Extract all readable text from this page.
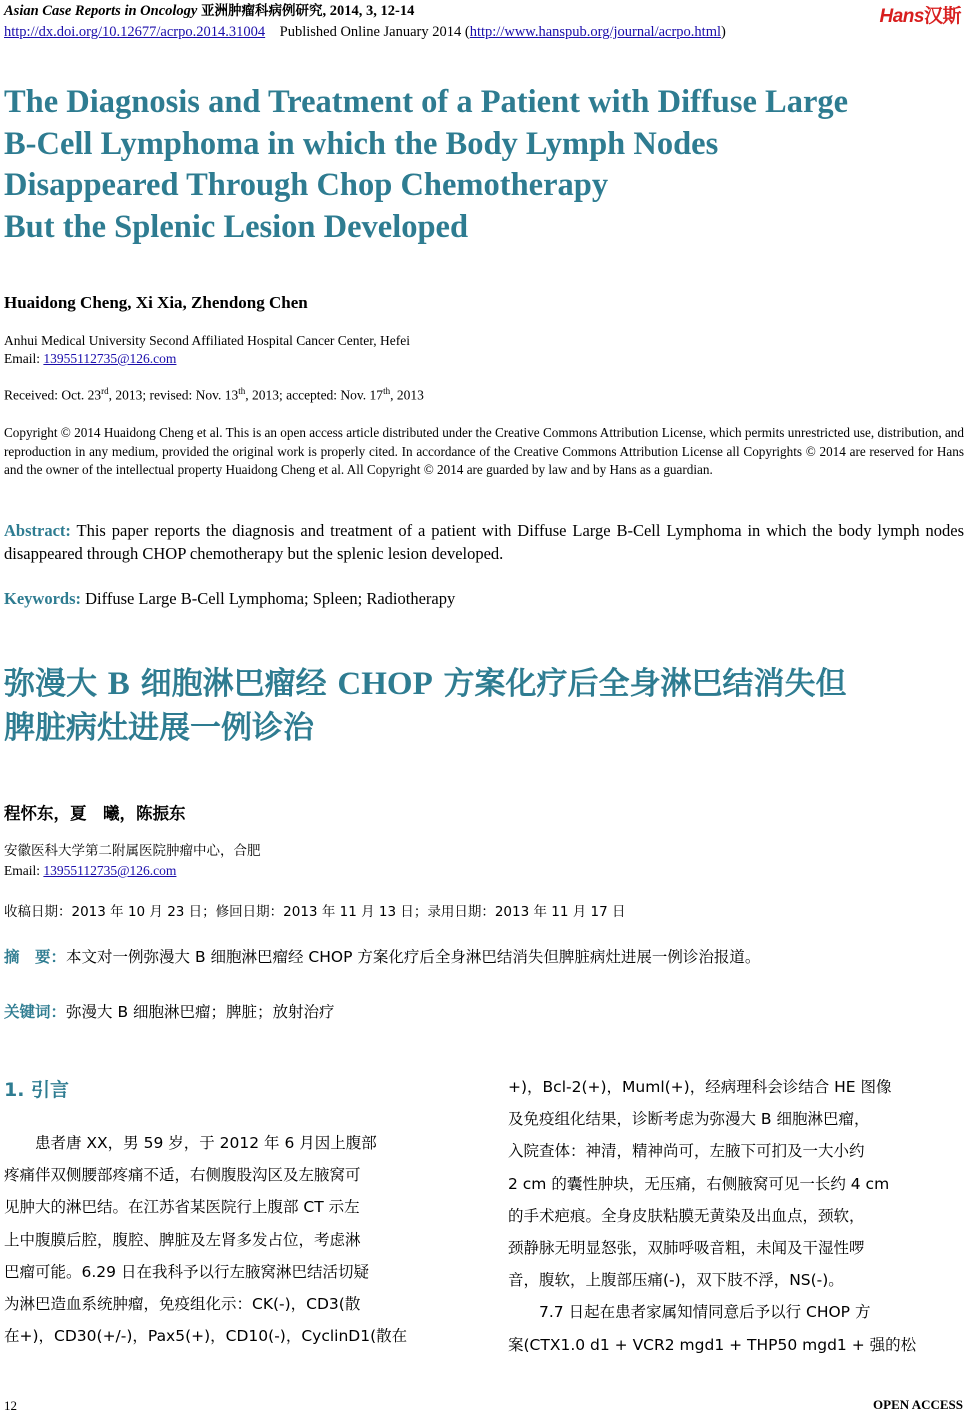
Asian Case Reports in Oncology 亚洲肿瘤科病例研究, 2014, 3, 12-14
http://dx.doi.org/10.12677/acrpo.2014.31004 Published Online January 2014 (http://www.hanspub.org/journal/acrpo.html)
Hans汉斯
The Diagnosis and Treatment of a Patient with Diffuse Large
B-Cell Lymphoma in which the Body Lymph Nodes
Disappeared Through Chop Chemotherapy
But the Splenic Lesion Developed
Huaidong Cheng, Xi Xia, Zhendong Chen
Anhui Medical University Second Affiliated Hospital Cancer Center, Hefei
Email: 13955112735@126.com
Received: Oct. 23rd, 2013; revised: Nov. 13th, 2013; accepted: Nov. 17th, 2013
Copyright © 2014 Huaidong Cheng et al. This is an open access article distributed under the Creative Commons Attribution License, which permits unrestricted use, distribution, and reproduction in any medium, provided the original work is properly cited. In accordance of the Creative Commons Attribution License all Copyrights © 2014 are reserved for Hans and the owner of the intellectual property Huaidong Cheng et al. All Copyright © 2014 are guarded by law and by Hans as a guardian.
Abstract: This paper reports the diagnosis and treatment of a patient with Diffuse Large B-Cell Lymphoma in which the body lymph nodes disappeared through CHOP chemotherapy but the splenic lesion developed.
Keywords: Diffuse Large B-Cell Lymphoma; Spleen; Radiotherapy
弥漫大 B 细胞淋巴瘤经 CHOP 方案化疗后全身淋巴结消失但
脾脏病灶进展一例诊治
程怀东，夏　曦，陈振东
安徽医科大学第二附属医院肿瘤中心，合肥
Email: 13955112735@126.com
收稿日期：2013 年 10 月 23 日；修回日期：2013 年 11 月 13 日；录用日期：2013 年 11 月 17 日
摘　要：本文对一例弥漫大 B 细胞淋巴瘤经 CHOP 方案化疗后全身淋巴结消失但脾脏病灶进展一例诊治报道。
关键词：弥漫大 B 细胞淋巴瘤；脾脏；放射治疗
1. 引言

患者唐 XX，男 59 岁，于 2012 年 6 月因上腹部

疼痛伴双侧腰部疼痛不适，右侧腹股沟区及左腋窝可

见肿大的淋巴结。在江苏省某医院行上腹部 CT 示左

上中腹膜后腔，腹腔、脾脏及左肾多发占位，考虑淋

巴瘤可能。6.29 日在我科予以行左腋窝淋巴结活切疑

为淋巴造血系统肿瘤，免疫组化示：CK(-)，CD3(散

在+)，CD30(+/-)，Pax5(+)，CD10(-)，CyclinD1(散在

+)，Bcl-2(+)，Muml(+)，经病理科会诊结合 HE 图像

及免疫组化结果，诊断考虑为弥漫大 B 细胞淋巴瘤，

入院查体：神清，精神尚可，左腋下可扪及一大小约

2 cm 的囊性肿块，无压痛，右侧腋窝可见一长约 4 cm

的手术疤痕。全身皮肤粘膜无黄染及出血点，颈软，

颈静脉无明显怒张，双肺呼吸音粗，未闻及干湿性啰

音，腹软，上腹部压痛(-)，双下肢不浮，NS(-)。

7.7 日起在患者家属知情同意后予以行 CHOP 方

案(CTX1.0 d1 + VCR2 mgd1 + THP50 mgd1 + 强的松

12	OPEN ACCESS
